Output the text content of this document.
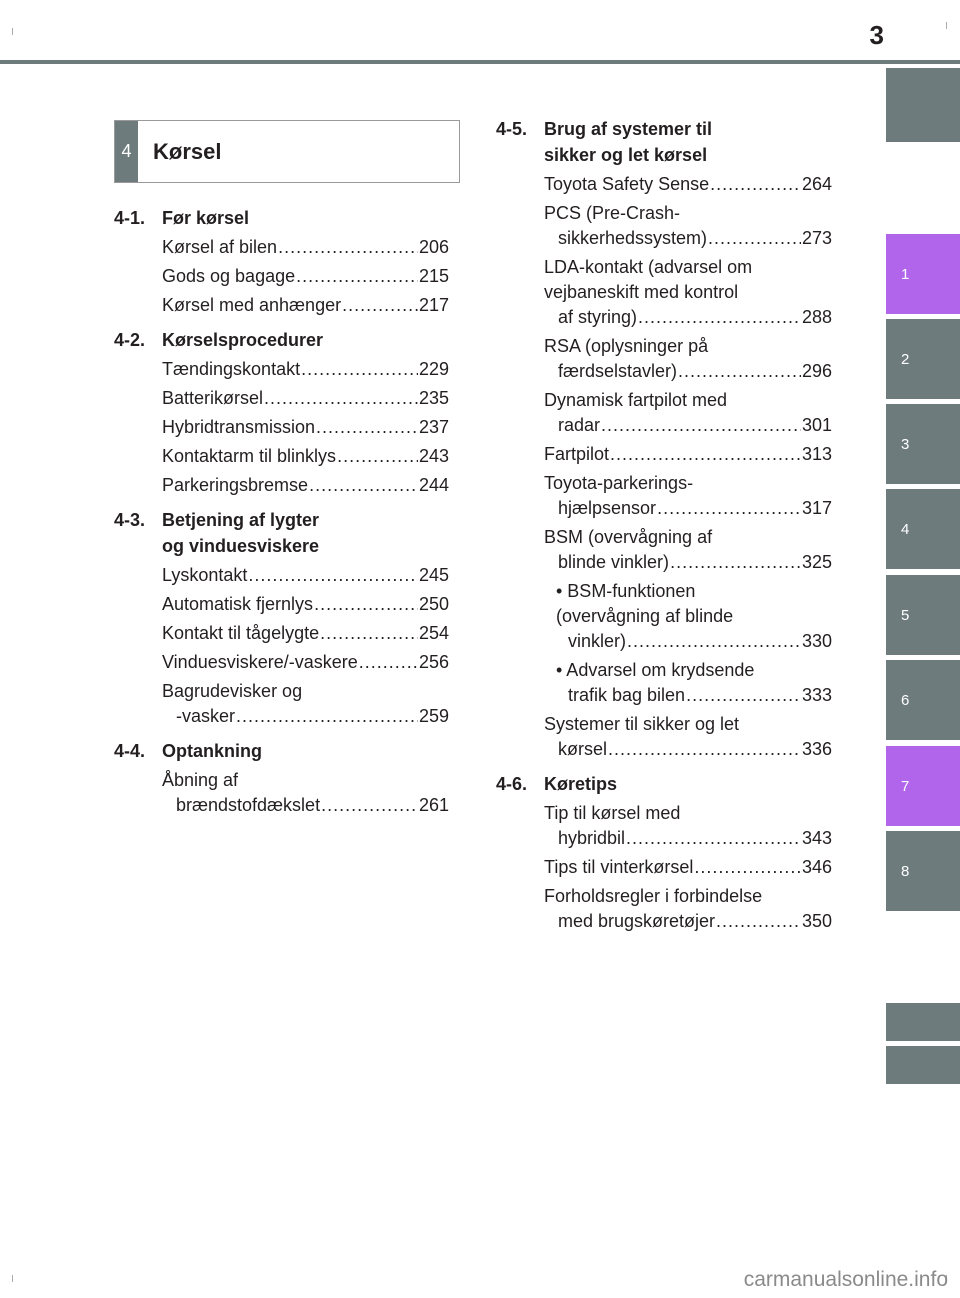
3
1
2
3
4
5
6
7
8
4 Kørsel
4-1. Før kørsel
Kørsel af bilen .....	206
Gods og bagage .....	215
Kørsel med anhænger .....	217
4-2. Kørselsprocedurer
Tændingskontakt .....	229
Batterikørsel .....	235
Hybridtransmission .....	237
Kontaktarm til blinklys .....	243
Parkeringsbremse .....	244
4-3. Betjening af lygter
og vinduesviskere
Lyskontakt .....	245
Automatisk fjernlys .....	250
Kontakt til tågelygte .....	254
Vinduesviskere/-vaskere .....	256
Bagrudevisker og
-vasker .....	259
4-4. Optankning
Åbning af
brændstofdækslet .....	261
4-5. Brug af systemer til
sikker og let kørsel
Toyota Safety Sense .....	264
PCS (Pre-Crash-
sikkerhedssystem) .....	273
LDA-kontakt (advarsel om
vejbaneskift med kontrol
af styring) .....	288
RSA (oplysninger på
færdselstavler) .....	296
Dynamisk fartpilot med
radar .....	301
Fartpilot .....	313
Toyota-parkerings-
hjælpsensor .....	317
BSM (overvågning af
blinde vinkler) .....	325
• BSM-funktionen
(overvågning af blinde
vinkler) .....	330
• Advarsel om krydsende
trafik bag bilen .....	333
Systemer til sikker og let
kørsel .....	336
4-6. Køretips
Tip til kørsel med
hybridbil .....	343
Tips til vinterkørsel .....	346
Forholdsregler i forbindelse
med brugskøretøjer .....	350
carmanualsonline.info
